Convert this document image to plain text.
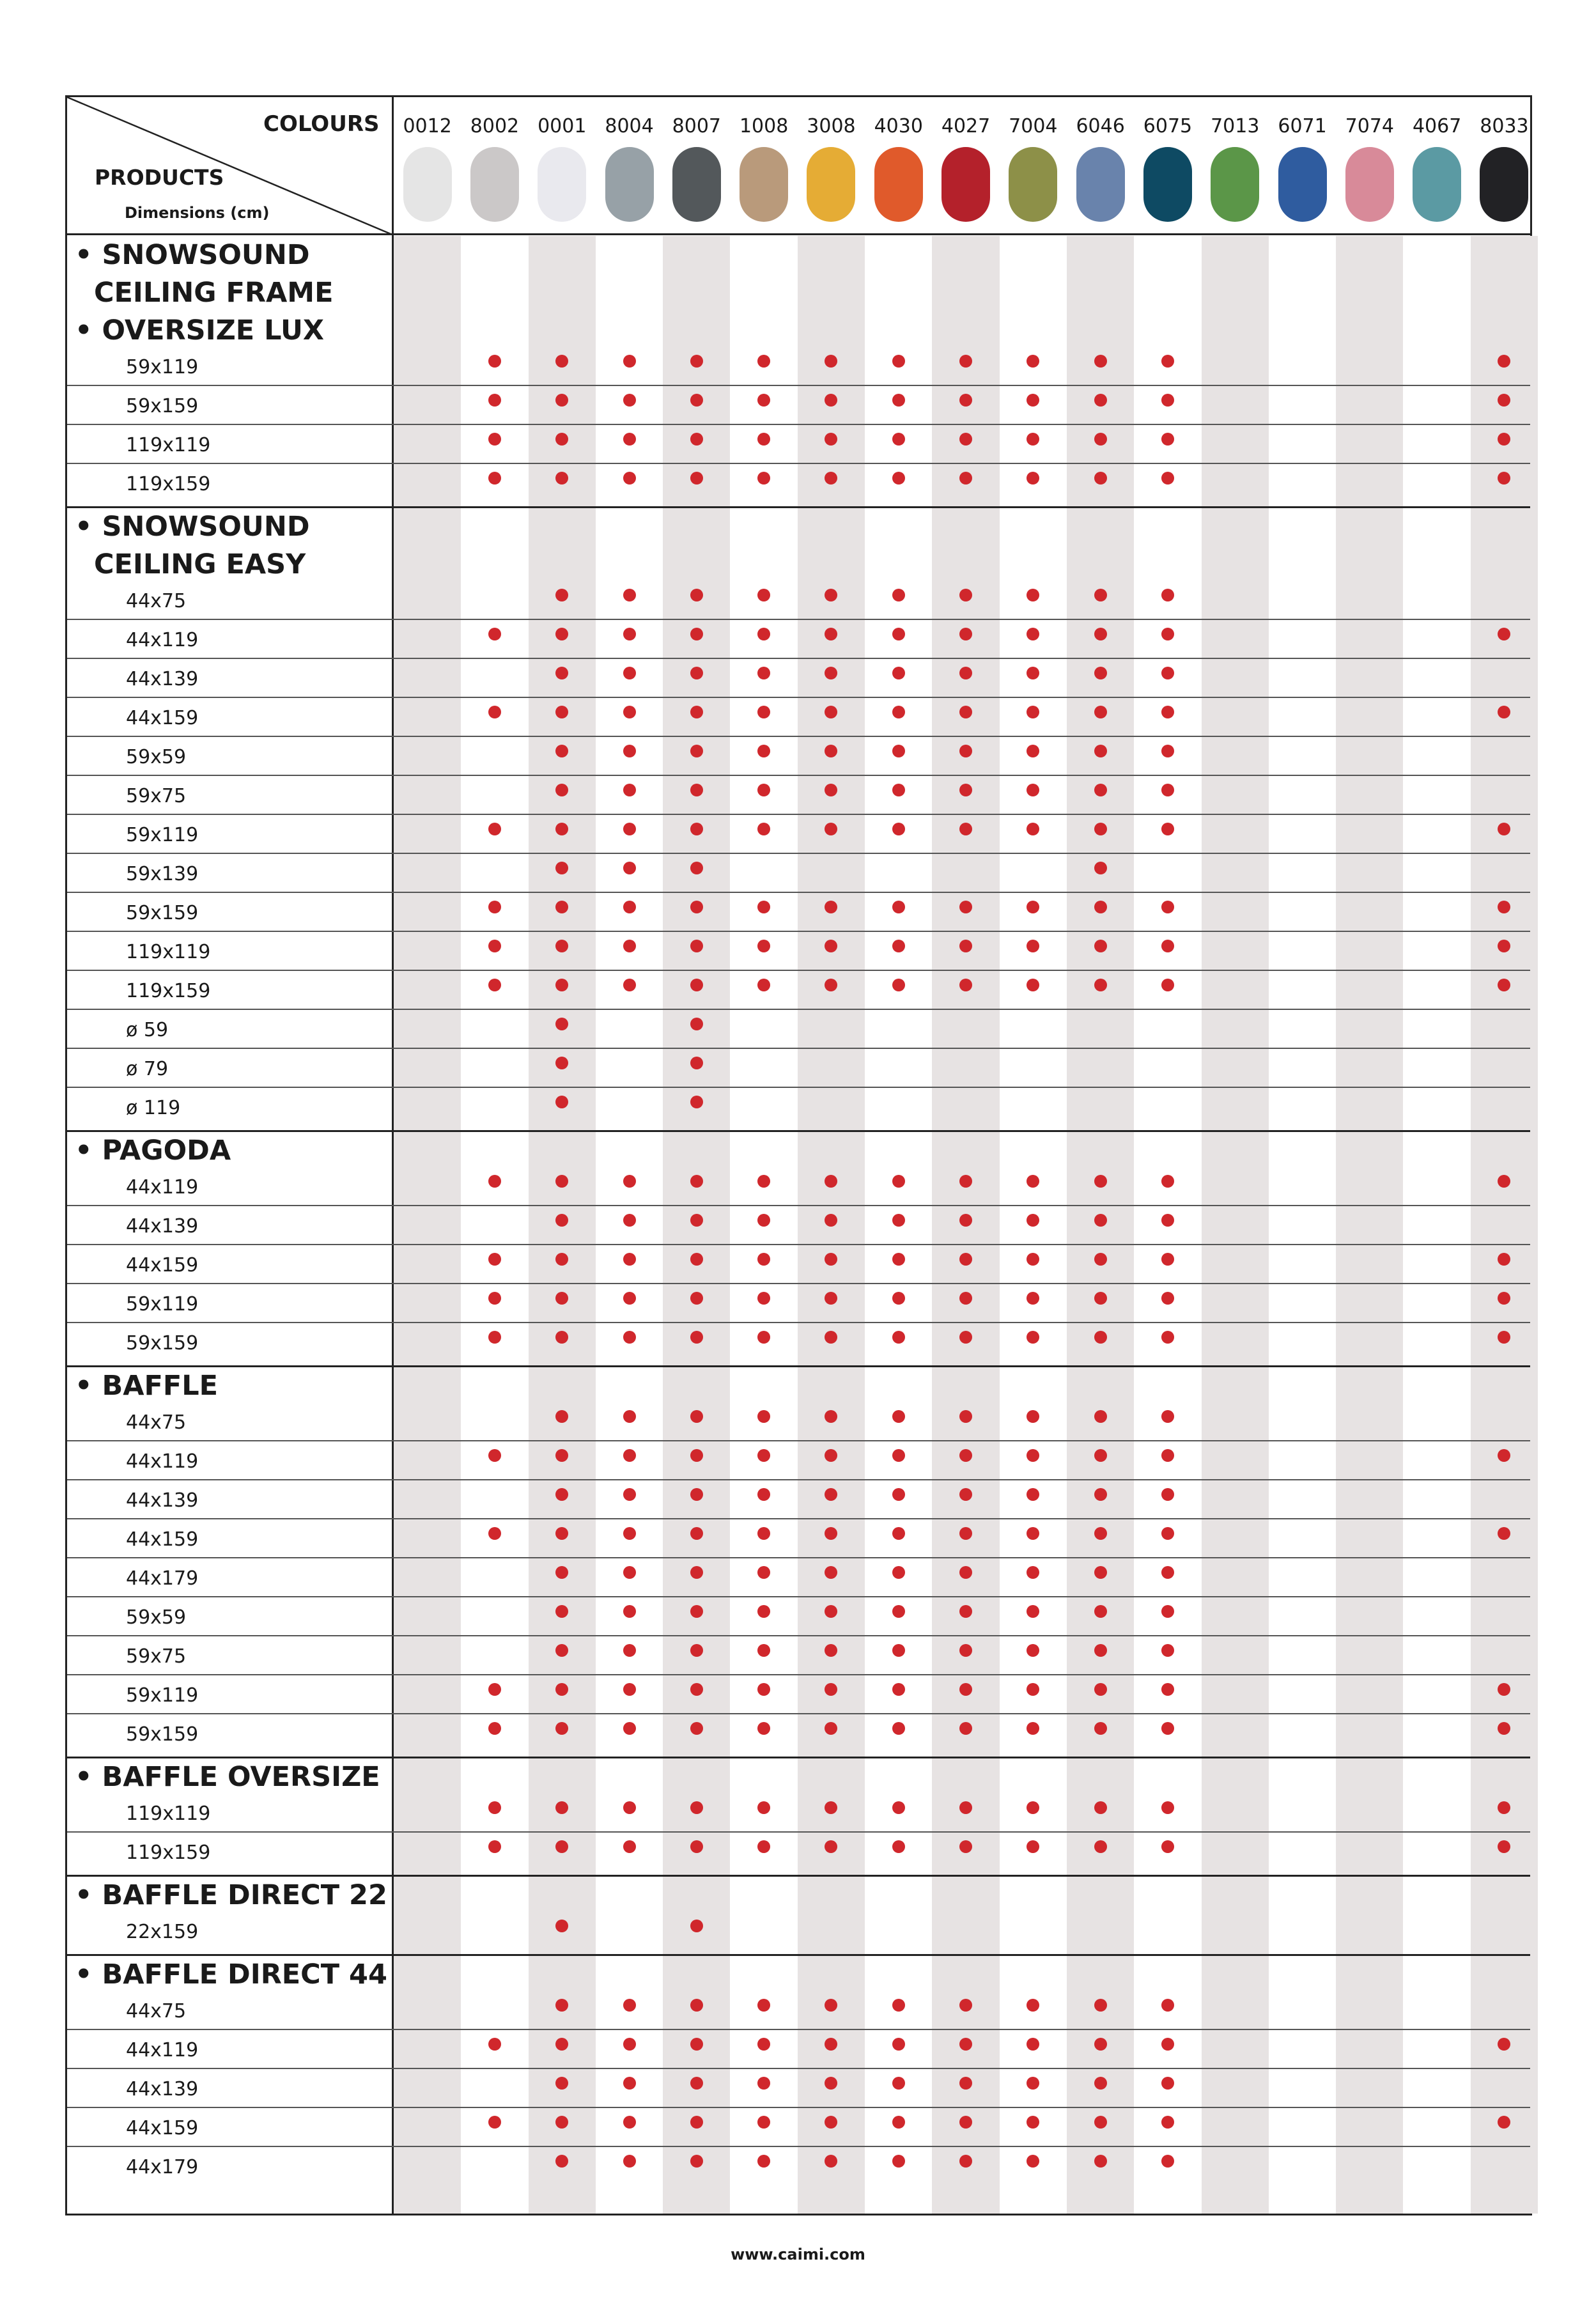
COLOURS
PRODUCTS
Dimensions (cm)
0012 8002 0001 8004 8007 1008 3008 4030 4027 7004 6046 6075 7013 6071 7074 4067 8033
• SNOWSOUND
CEILING FRAME
• OVERSIZE LUX
59x119
59x159
119x119
119x159
• SNOWSOUND
CEILING EASY
44x75
44x119
44x139
44x159
59x59
59x75
59x119
59x139
59x159
119x119
119x159
ø 59
ø 79
ø 119
• PAGODA
44x119
44x139
44x159
59x119
59x159
• BAFFLE
44x75
44x119
44x139
44x159
44x179
59x59
59x75
59x119
59x159
• BAFFLE OVERSIZE
119x119
119x159
• BAFFLE DIRECT 22
22x159
• BAFFLE DIRECT 44
44x75
44x119
44x139
44x159
44x179
www.caimi.com
